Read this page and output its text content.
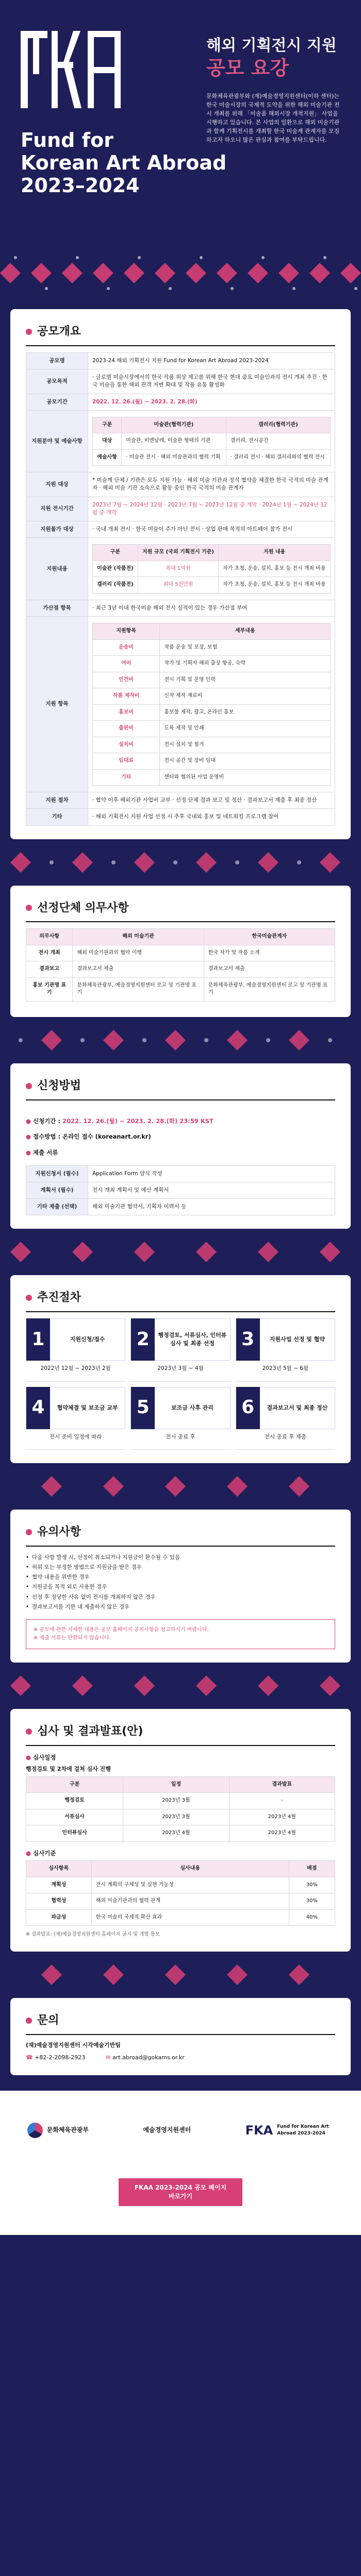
Fund for
Korean Art Abroad
2023–2024
해외 기획전시 지원
공모 요강
문화체육관광부와 (재)예술경영지원센터(이하 센터)는 한국 미술시장의 국제적 도약을 위한 해외 미술기관 전시 개최를 위해 「미술품 해외시장 개척지원」 사업을 시행하고 있습니다. 본 사업의 일환으로 해외 미술기관과 함께 기획전시를 개최할 한국 미술계 관계자를 모집하고자 하오니 많은 관심과 참여를 부탁드립니다.
공모개요
공모명	2023-24 해외 기획전시 지원 Fund for Korean Art Abroad 2023-2024
공모목적	· 글로벌 미술시장에서의 한국 작품 위상 제고를 위해 한국 현대 중요 미술인과의 전시 개최 추진 · 한국 미술을 통한 해외 관객 저변 확대 및 작품 유통 활성화
공모기간	2022. 12. 26.(월) ~ 2023. 2. 28.(화)
지원분야 및 예술사항	
구분	미술관(협력기관)	갤러리(협력기관)
대상	미술관, 비엔날레, 미술관 형태의 기관	갤러리, 전시공간
예술사항	· 미술관 전시 · 해외 미술관과의 협력 기획	· 갤러리 전시 · 해외 갤러리와의 협력 전시

지원 대상	* 미술계 단체 / 기관은 모두 지원 가능 · 해외 미술 기관과 정식 협약을 체결한 한국 국적의 미술 관계자 · 해외 미술 기관 소속으로 활동 중인 한국 국적의 미술 관계자
지원 전시기간	2023년 7월 ~ 2024년 12월 · 2023년 7월 ~ 2023년 12월 중 개막 · 2024년 1월 ~ 2024년 12월 중 개막
지원불가 대상	· 국내 개최 전시 · 한국 미술이 주가 아닌 전시 · 상업 판매 목적의 아트페어 참가 전시
지원내용	
구분	지원 규모 (국외 기획전시 기준)	지원 내용
미술관 (작품전)	최대 1억원	작가 초청, 운송, 설치, 홍보 등 전시 개최 비용
갤러리 (작품전)	최대 5천만원	작가 초청, 운송, 설치, 홍보 등 전시 개최 비용

가산점 항목	· 최근 3년 이내 한국미술 해외 전시 실적이 있는 경우 가산점 부여
지원 항목	
지원항목	세부내용
운송비	작품 운송 및 포장, 보험
여비	작가 및 기획자 해외 출장 항공, 숙박
인건비	전시 기획 및 운영 인력
작품 제작비	신작 제작 재료비
홍보비	홍보물 제작, 광고, 온라인 홍보
출판비	도록 제작 및 인쇄
설치비	전시 설치 및 철거
임대료	전시 공간 및 장비 임대
기타	센터와 협의된 사업 운영비

지원 절차	· 협약 이후 해외기관 사업비 교부 · 선정 단체 결과 보고 및 정산 · 결과보고서 제출 후 최종 정산
기타	· 해외 기획전시 지원 사업 선정 시 추후 국내외 홍보 및 네트워킹 프로그램 참여
선정단체 의무사항
의무사항	해외 미술기관	한국미술관계자
전시 개최	해외 미술기관과의 협약 이행	한국 작가 및 작품 소개
결과보고	결과보고서 제출	결과보고서 제출
홍보 기관명 표기	문화체육관광부, 예술경영지원센터 로고 및 기관명 표기	문화체육관광부, 예술경영지원센터 로고 및 기관명 표기
신청방법
● 신청기간 : 2022. 12. 26.(월) ~ 2023. 2. 28.(화) 23:59 KST
● 접수방법 : 온라인 접수 (koreanart.or.kr)
● 제출 서류
지원신청서 (필수)	Application Form 양식 작성
계획서 (필수)	전시 개최 계획서 및 예산 계획서
기타 제출 (선택)	해외 미술기관 협약서, 기획자 이력서 등
추진절차
1	지원신청/접수
2022년 12월 ~ 2023년 2월
2	행정검토, 서류심사, 인터뷰심사 및 최종 선정
2023년 3월 ~ 4월
3	지원사업 선정 및 협약
2023년 5월 ~ 6월
4	협약체결 및 보조금 교부
전시 준비 일정에 따라
5	보조금 사후 관리
전시 종료 후
6	결과보고서 및 최종 정산
전시 종료 후 제출
유의사항
• 다음 사항 발생 시, 선정이 취소되거나 지원금이 환수될 수 있음
• 허위 또는 부정한 방법으로 지원금을 받은 경우
• 협약 내용을 위반한 경우
• 지원금을 목적 외로 사용한 경우
• 선정 후 정당한 사유 없이 전시를 개최하지 않은 경우
• 결과보고서를 기한 내 제출하지 않은 경우
※ 공모에 관한 자세한 내용은 공모 홈페이지 공지사항을 참고하시기 바랍니다.
※ 제출 서류는 반환되지 않습니다.
심사 및 결과발표(안)
● 심사일정
행정검토 및 2차에 걸쳐 심사 진행
구분	일정	결과발표
행정검토	2023년 3월	-
서류심사	2023년 3월	2023년 4월
인터뷰심사	2023년 4월	2023년 4월
● 심사기준
심사항목	심사내용	배점
계획성	전시 계획의 구체성 및 실현 가능성	30%
협력성	해외 미술기관과의 협력 관계	30%
파급성	한국 미술의 국제적 확산 효과	40%
※ 결과발표: (재)예술경영지원센터 홈페이지 공지 및 개별 통보
문의
(재)예술경영지원센터 시각예술기반팀
☎ +82-2-2098-2923	✉ art.abroad@gokams.or.kr
문화체육관광부	예술경영지원센터	FKA Fund for Korean Art Abroad 2023-2024
FKAA 2023-2024 공모 페이지
바로가기
